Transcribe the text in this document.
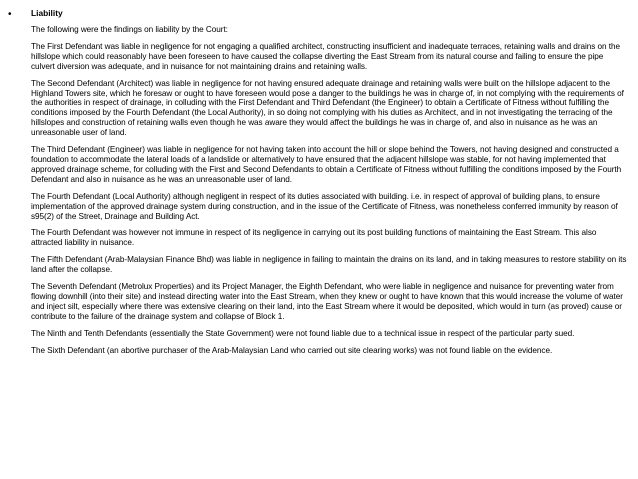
• Liability

The following were the findings on liability by the Court:

The First Defendant was liable in negligence for not engaging a qualified architect, constructing insufficient and inadequate terraces, retaining walls and drains on the hillslope which could reasonably have been foreseen to have caused the collapse diverting the East Stream from its natural course and failing to ensure the pipe culvert diversion was adequate, and in nuisance for not maintaining drains and retaining walls.

The Second Defendant (Architect) was liable in negligence for not having ensured adequate drainage and retaining walls were built on the hillslope adjacent to the Highland Towers site, which he foresaw or ought to have foreseen would pose a danger to the buildings he was in charge of, in not complying with the requirements of the authorities in respect of drainage, in colluding with the First Defendant and Third Defendant (the Engineer) to obtain a Certificate of Fitness without fulfilling the conditions imposed by the Fourth Defendant (the Local Authority), in so doing not complying with his duties as Architect, and in not investigating the terracing of the hillslopes and construction of retaining walls even though he was aware they would affect the buildings he was in charge of, and also in nuisance as he was an unreasonable user of land.

The Third Defendant (Engineer) was liable in negligence for not having taken into account the hill or slope behind the Towers, not having designed and constructed a foundation to accommodate the lateral loads of a landslide or alternatively to have ensured that the adjacent hillslope was stable, for not having implemented that approved drainage scheme, for colluding with the First and Second Defendants to obtain a Certificate of Fitness without fulfilling the conditions imposed by the Fourth Defendant and also in nuisance as he was an unreasonable user of land.

The Fourth Defendant (Local Authority) although negligent in respect of its duties associated with building. i.e. in respect of approval of building plans, to ensure implementation of the approved drainage system during construction, and in the issue of the Certificate of Fitness, was nonetheless conferred immunity by reason of s95(2) of the Street, Drainage and Building Act.

The Fourth Defendant was however not immune in respect of its negligence in carrying out its post building functions of maintaining the East Stream. This also attracted liability in nuisance.

The Fifth Defendant (Arab-Malaysian Finance Bhd) was liable in negligence in failing to maintain the drains on its land, and in taking measures to restore stability on its land after the collapse.

The Seventh Defendant (Metrolux Properties) and its Project Manager, the Eighth Defendant, who were liable in negligence and nuisance for preventing water from flowing downhill (into their site) and instead directing water into the East Stream, when they knew or ought to have known that this would increase the volume of water and inject silt, especially where there was extensive clearing on their land, into the East Stream where it would be deposited, which would in turn (as proved) cause or contribute to the failure of the drainage system and collapse of Block 1.

The Ninth and Tenth Defendants (essentially the State Government) were not found liable due to a technical issue in respect of the particular party sued.

The Sixth Defendant (an abortive purchaser of the Arab-Malaysian Land who carried out site clearing works) was not found liable on the evidence.
